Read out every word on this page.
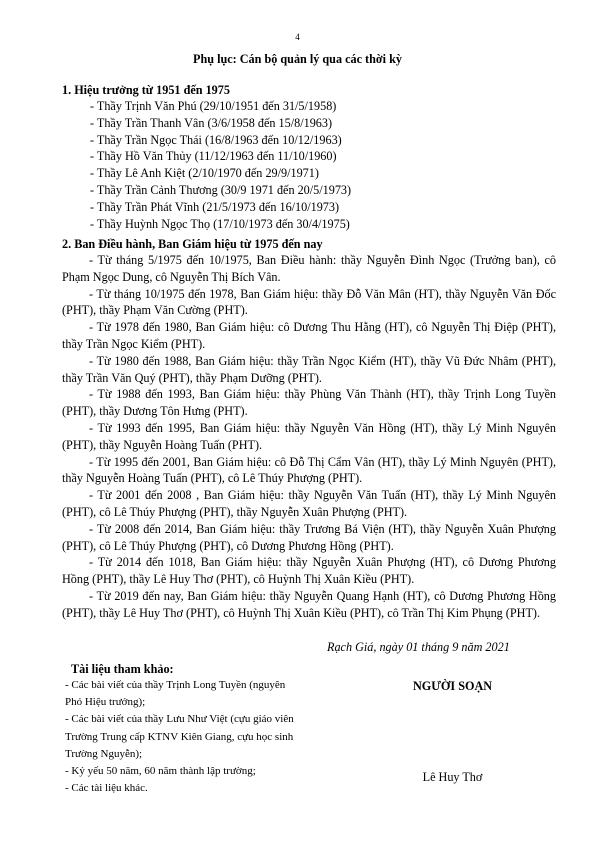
4
Phụ lục: Cán bộ quản lý qua các thời kỳ
1. Hiệu trưởng từ 1951 đến 1975
- Thầy Trịnh Văn Phú (29/10/1951 đến 31/5/1958)
- Thầy Trần Thanh Vân (3/6/1958 đến 15/8/1963)
- Thầy Trần Ngọc Thái (16/8/1963 đến 10/12/1963)
- Thầy Hồ Văn Thủy (11/12/1963 đến 11/10/1960)
- Thầy Lê Anh Kiệt (2/10/1970 đến 29/9/1971)
- Thầy Trần Cảnh Thương (30/9 1971 đến 20/5/1973)
- Thầy Trần Phát Vĩnh (21/5/1973 đến 16/10/1973)
- Thầy Huỳnh Ngọc Thọ (17/10/1973 đến 30/4/1975)
2. Ban Điều hành, Ban Giám hiệu từ 1975 đến nay

- Từ tháng 5/1975 đến 10/1975, Ban Điều hành: thầy Nguyễn Đình Ngọc (Trưởng ban), cô Phạm Ngọc Dung, cô Nguyễn Thị Bích Vân.

- Từ tháng 10/1975 đến 1978, Ban Giám hiệu: thầy Đỗ Văn Mân (HT), thầy Nguyễn Văn Đốc (PHT), thầy Phạm Văn Cường (PHT).

- Từ 1978 đến 1980, Ban Giám hiệu: cô Dương Thu Hằng (HT), cô Nguyễn Thị Điệp (PHT), thầy Trần Ngọc Kiểm (PHT).

- Từ 1980 đến 1988, Ban Giám hiệu: thầy Trần Ngọc Kiểm (HT), thầy Vũ Đức Nhâm (PHT), thầy Trần Văn Quý (PHT), thầy Phạm Dưỡng (PHT).

- Từ 1988 đến 1993, Ban Giám hiệu: thầy Phùng Văn Thành (HT), thầy Trịnh Long Tuyền (PHT), thầy Dương Tôn Hưng (PHT).

- Từ 1993 đến 1995, Ban Giám hiệu: thầy Nguyễn Văn Hồng (HT), thầy Lý Minh Nguyên (PHT), thầy Nguyễn Hoàng Tuấn (PHT).

- Từ 1995 đến 2001, Ban Giám hiệu: cô Đỗ Thị Cẩm Vân (HT), thầy Lý Minh Nguyên (PHT), thầy Nguyễn Hoàng Tuấn (PHT), cô Lê Thúy Phượng (PHT).

- Từ 2001 đến 2008 , Ban Giám hiệu: thầy Nguyễn Văn Tuấn (HT), thầy Lý Minh Nguyên (PHT), cô Lê Thúy Phượng (PHT), thầy Nguyễn Xuân Phượng (PHT).

- Từ 2008 đến 2014, Ban Giám hiệu: thầy Trương Bá Viện (HT), thầy Nguyễn Xuân Phượng (PHT), cô Lê Thúy Phượng (PHT), cô Dương Phương Hồng (PHT).

- Từ 2014 đến 1018, Ban Giám hiệu: thầy Nguyễn Xuân Phượng (HT), cô Dương Phương Hồng (PHT), thầy Lê Huy Thơ (PHT), cô Huỳnh Thị Xuân Kiều (PHT).

- Từ 2019 đến nay, Ban Giám hiệu: thầy Nguyễn Quang Hạnh (HT), cô Dương Phương Hồng (PHT), thầy Lê Huy Thơ (PHT), cô Huỳnh Thị Xuân Kiều (PHT), cô Trần Thị Kim Phụng (PHT).

Rạch Giá, ngày 01 tháng 9 năm 2021
Tài liệu tham khảo:
- Các bài viết của thầy Trịnh Long Tuyền (nguyên Phó Hiệu trưởng);
- Các bài viết của thầy Lưu Như Việt (cựu giáo viên Trường Trung cấp KTNV Kiên Giang, cựu học sinh Trường Nguyễn);
- Kỷ yếu 50 năm, 60 năm thành lập trường;
- Các tài liệu khác.
NGƯỜI SOẠN
Lê Huy Thơ
